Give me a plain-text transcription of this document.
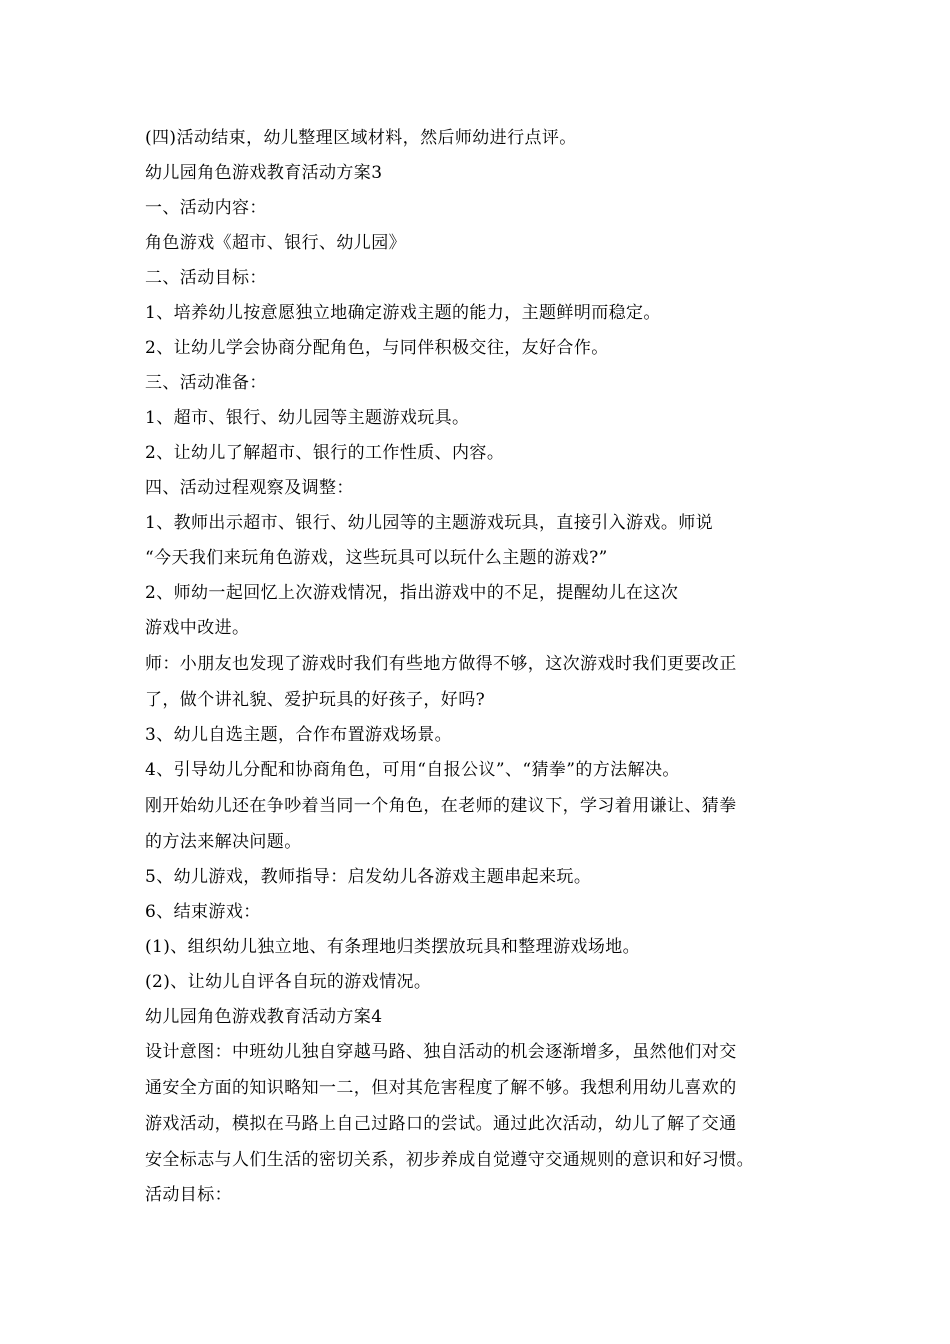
(四)活动结束，幼儿整理区域材料，然后师幼进行点评。
幼儿园角色游戏教育活动方案3
一、活动内容：
角色游戏《超市、银行、幼儿园》
二、活动目标：
1、培养幼儿按意愿独立地确定游戏主题的能力，主题鲜明而稳定。
2、让幼儿学会协商分配角色，与同伴积极交往，友好合作。
三、活动准备：
1、超市、银行、幼儿园等主题游戏玩具。
2、让幼儿了解超市、银行的工作性质、内容。
四、活动过程观察及调整：
1、教师出示超市、银行、幼儿园等的主题游戏玩具，直接引入游戏。师说
“今天我们来玩角色游戏，这些玩具可以玩什么主题的游戏?”
2、师幼一起回忆上次游戏情况，指出游戏中的不足，提醒幼儿在这次
游戏中改进。
师：小朋友也发现了游戏时我们有些地方做得不够，这次游戏时我们更要改正
了，做个讲礼貌、爱护玩具的好孩子，好吗?
3、幼儿自选主题，合作布置游戏场景。
4、引导幼儿分配和协商角色，可用“自报公议”、“猜拳”的方法解决。
刚开始幼儿还在争吵着当同一个角色，在老师的建议下，学习着用谦让、猜拳
的方法来解决问题。
5、幼儿游戏，教师指导：启发幼儿各游戏主题串起来玩。
6、结束游戏：
(1)、组织幼儿独立地、有条理地归类摆放玩具和整理游戏场地。
(2)、让幼儿自评各自玩的游戏情况。
幼儿园角色游戏教育活动方案4
设计意图：中班幼儿独自穿越马路、独自活动的机会逐渐增多，虽然他们对交
通安全方面的知识略知一二，但对其危害程度了解不够。我想利用幼儿喜欢的
游戏活动，模拟在马路上自己过路口的尝试。通过此次活动，幼儿了解了交通
安全标志与人们生活的密切关系，初步养成自觉遵守交通规则的意识和好习惯。
活动目标：
